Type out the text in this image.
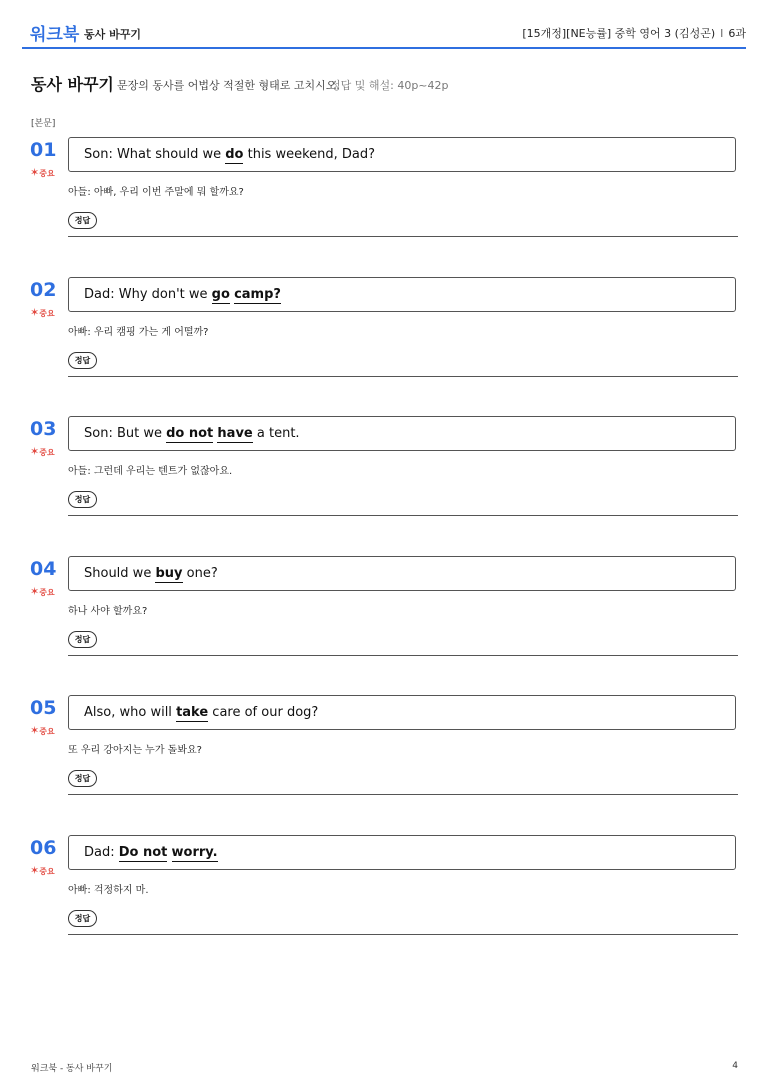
워크북 동사 바꾸기	[15개정][NE능률] 중학 영어 3 (김성곤) I 6과
동사 바꾸기 문장의 동사를 어법상 적절한 형태로 고치시오.
정답 및 해설: 40p~42p
[본문]
01
✶중요
Son: What should we do this weekend, Dad?
아들: 아빠, 우리 이번 주말에 뭐 할까요?
정답
02
✶중요
Dad: Why don't we go camp?
아빠: 우리 캠핑 가는 게 어떨까?
정답
03
✶중요
Son: But we do not have a tent.
아들: 그런데 우리는 텐트가 없잖아요.
정답
04
✶중요
Should we buy one?
하나 사야 할까요?
정답
05
✶중요
Also, who will take care of our dog?
또 우리 강아지는 누가 돌봐요?
정답
06
✶중요
Dad: Do not worry.
아빠: 걱정하지 마.
정답
워크북 - 동사 바꾸기	4
